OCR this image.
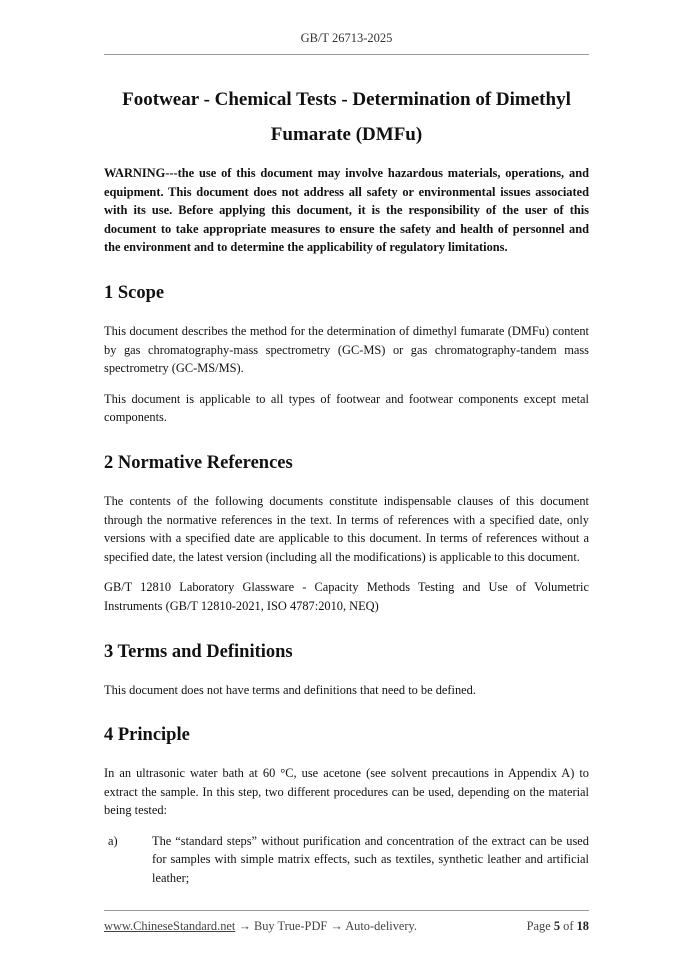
GB/T 26713-2025
Footwear - Chemical Tests - Determination of Dimethyl
Fumarate (DMFu)

WARNING---the use of this document may involve hazardous materials, operations, and equipment. This document does not address all safety or environmental issues associated with its use. Before applying this document, it is the responsibility of the user of this document to take appropriate measures to ensure the safety and health of personnel and the environment and to determine the applicability of regulatory limitations.

1 Scope

This document describes the method for the determination of dimethyl fumarate (DMFu) content by gas chromatography-mass spectrometry (GC-MS) or gas chromatography-tandem mass spectrometry (GC-MS/MS).

This document is applicable to all types of footwear and footwear components except metal components.

2 Normative References

The contents of the following documents constitute indispensable clauses of this document through the normative references in the text. In terms of references with a specified date, only versions with a specified date are applicable to this document. In terms of references without a specified date, the latest version (including all the modifications) is applicable to this document.

GB/T 12810 Laboratory Glassware - Capacity Methods Testing and Use of Volumetric Instruments (GB/T 12810-2021, ISO 4787:2010, NEQ)

3 Terms and Definitions

This document does not have terms and definitions that need to be defined.

4 Principle

In an ultrasonic water bath at 60 °C, use acetone (see solvent precautions in Appendix A) to extract the sample. In this step, two different procedures can be used, depending on the material being tested:

a)	The “standard steps” without purification and concentration of the extract can be used for samples with simple matrix effects, such as textiles, synthetic leather and artificial leather;
www.ChineseStandard.net → Buy True-PDF → Auto-delivery.	Page 5 of 18
